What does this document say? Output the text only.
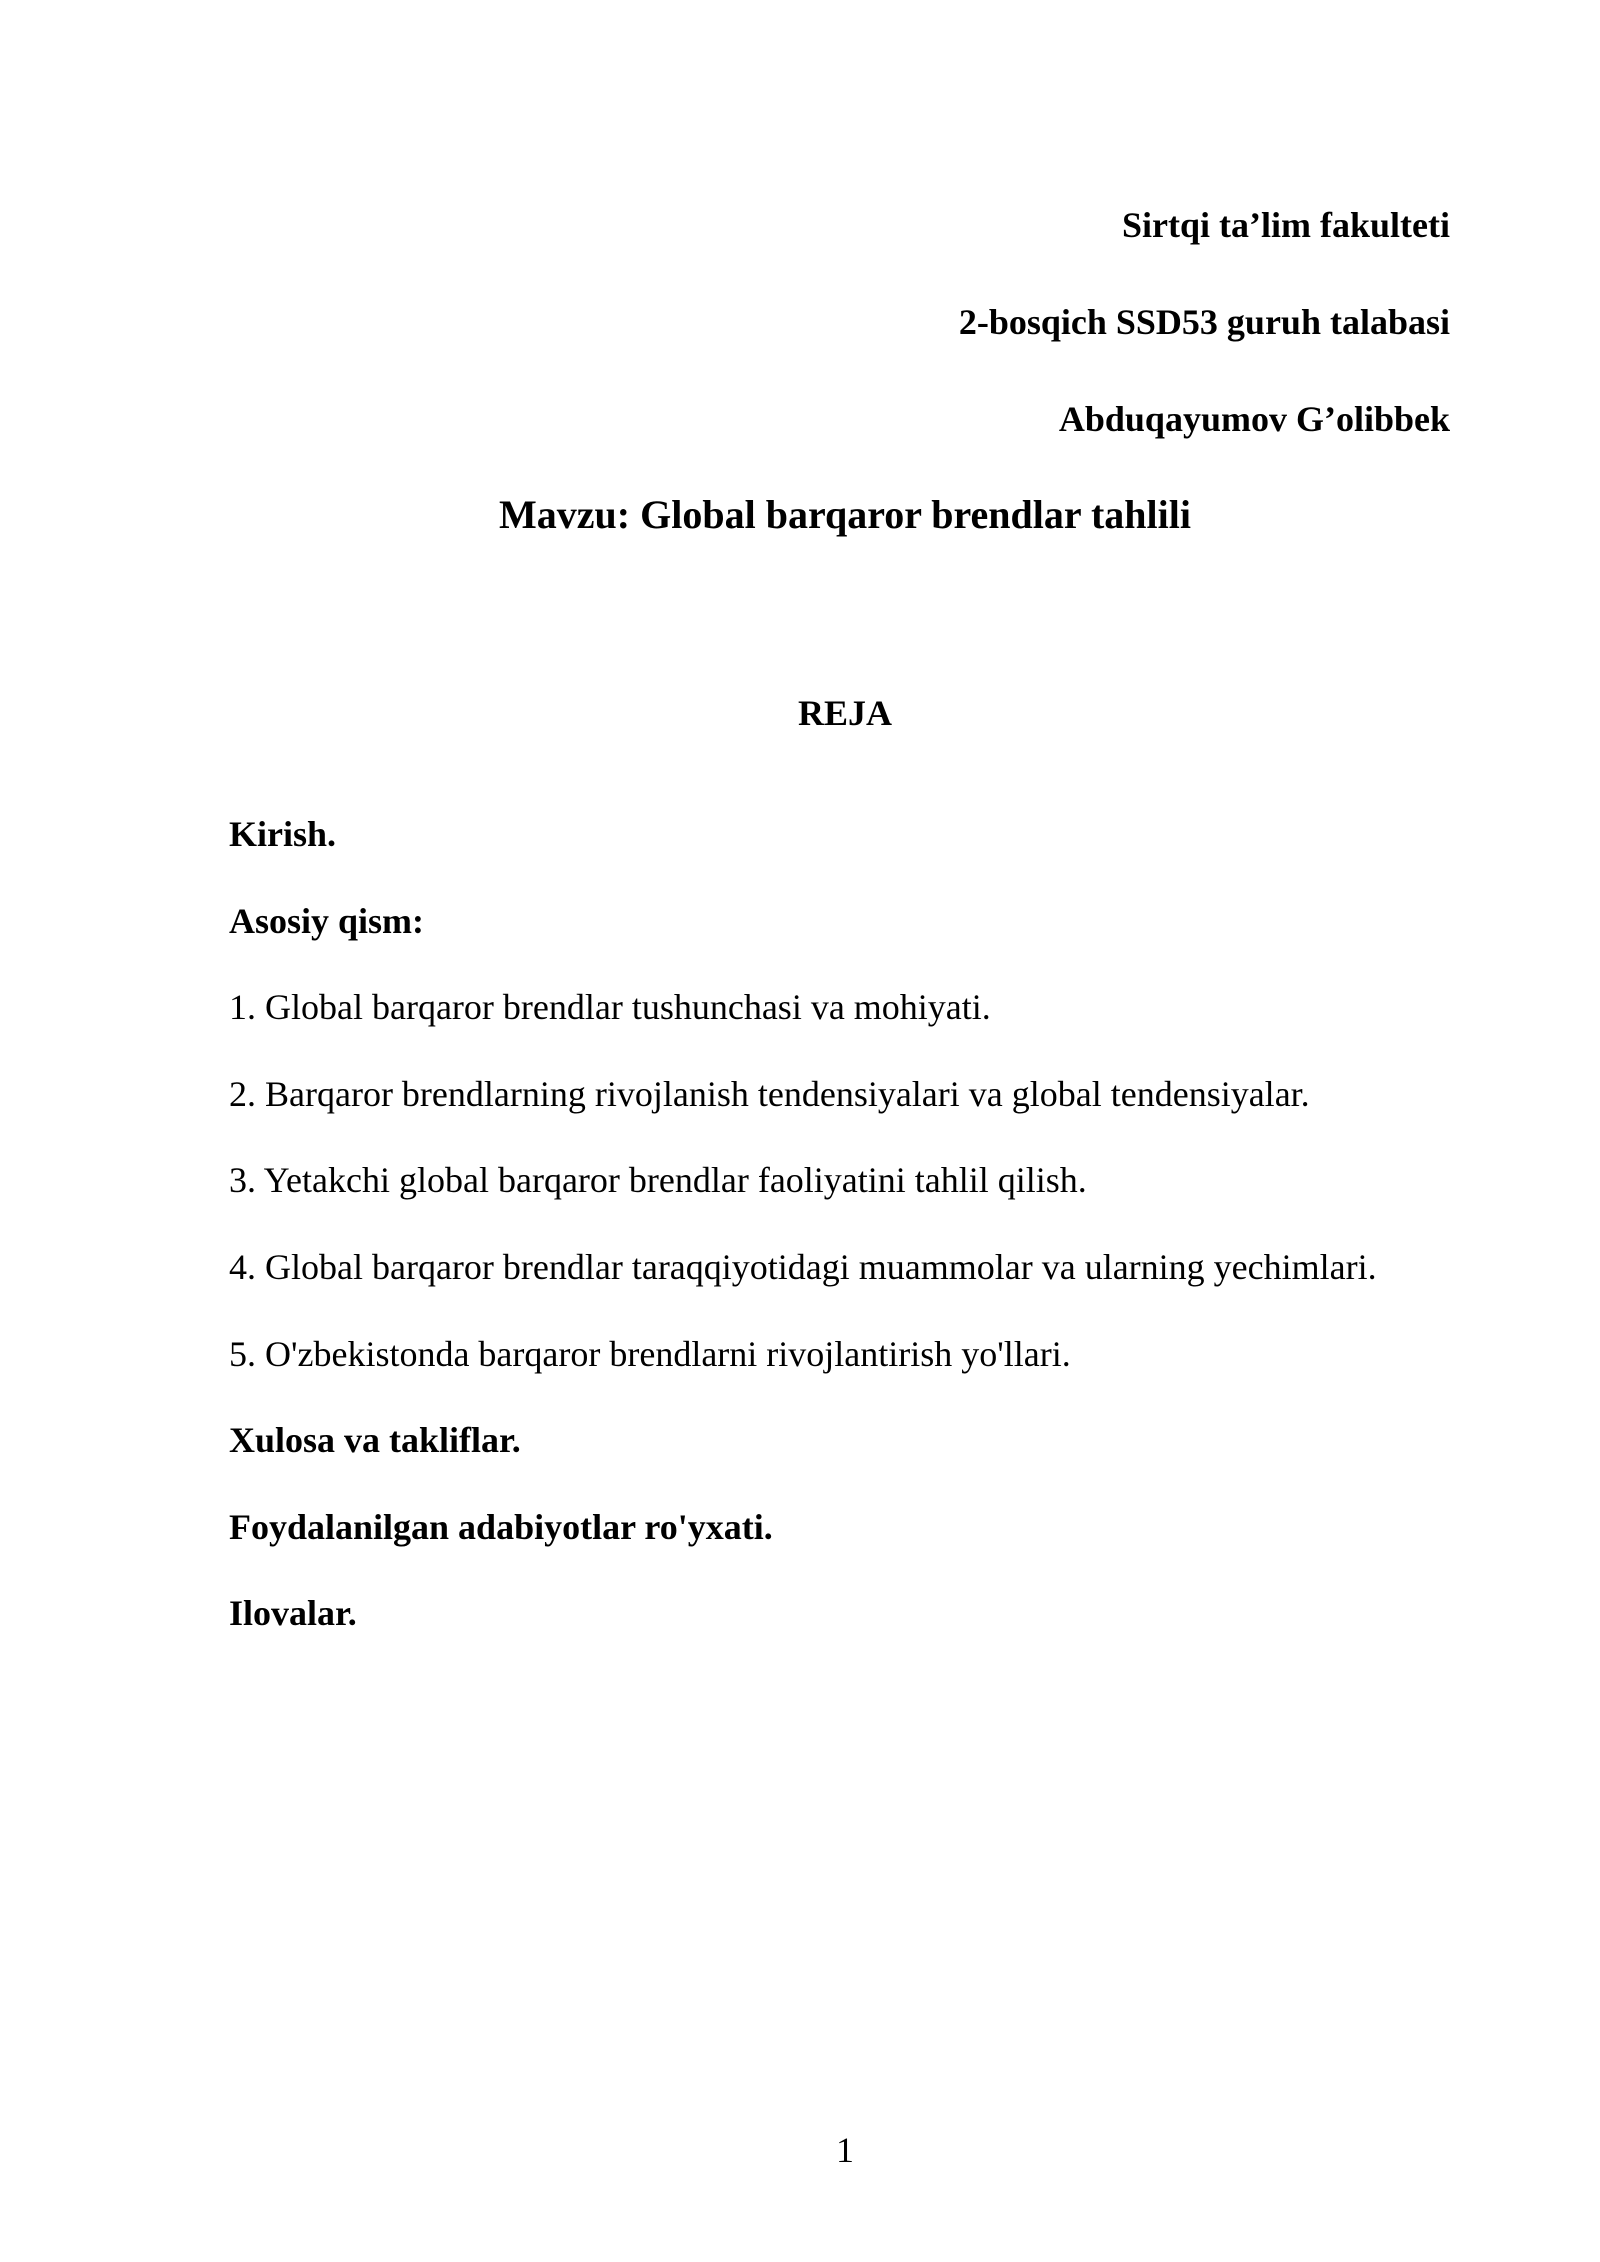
Sirtqi ta’lim fakulteti
2-bosqich SSD53 guruh talabasi
Abduqayumov G’olibbek
Mavzu: Global barqaror brendlar tahlili
REJA
Kirish.
Asosiy qism:
1. Global barqaror brendlar tushunchasi va mohiyati.
2. Barqaror brendlarning rivojlanish tendensiyalari va global tendensiyalar.
3. Yetakchi global barqaror brendlar faoliyatini tahlil qilish.
4. Global barqaror brendlar taraqqiyotidagi muammolar va ularning yechimlari.
5. O'zbekistonda barqaror brendlarni rivojlantirish yo'llari.
Xulosa va takliflar.
Foydalanilgan adabiyotlar ro'yxati.
Ilovalar.
1
